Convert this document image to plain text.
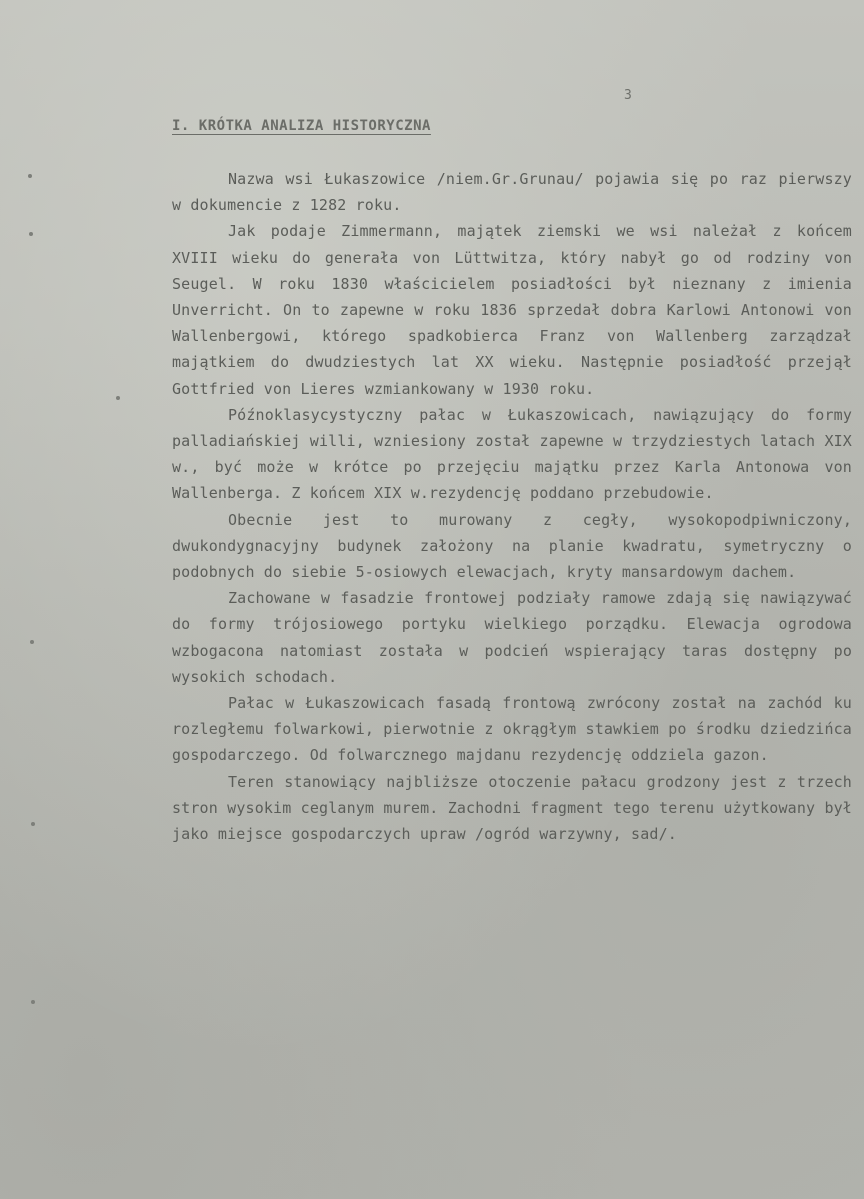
3
I. KRÓTKA ANALIZA HISTORYCZNA

Nazwa wsi Łukaszowice /niem.Gr.Grunau/ pojawia się po raz pierwszy w dokumencie z 1282 roku.

Jak podaje Zimmermann, majątek ziemski we wsi należał z końcem XVIII wieku do generała von Lüttwitza, który nabył go od rodziny von Seugel. W roku 1830 właścicielem posiadłości był nieznany z imienia Unverricht. On to zapewne w roku 1836 sprzedał dobra Karlowi Antonowi von Wallenbergowi, którego spadkobierca Franz von Wallenberg zarządzał majątkiem do dwudziestych lat XX wieku. Następnie posiadłość przejął Gottfried von Lieres wzmiankowany w 1930 roku.

Późnoklasycystyczny pałac w Łukaszowicach, nawiązujący do formy palladiańskiej willi, wzniesiony został zapewne w trzydziestych latach XIX w., być może w krótce po przejęciu majątku przez Karla Antonowa von Wallenberga. Z końcem XIX w.rezydencję poddano przebudowie.

Obecnie jest to murowany z cegły, wysokopodpiwniczony, dwukondygnacyjny budynek założony na planie kwadratu, symetryczny o podobnych do siebie 5-osiowych elewacjach, kryty mansardowym dachem.

Zachowane w fasadzie frontowej podziały ramowe zdają się nawiązywać do formy trójosiowego portyku wielkiego porządku. Elewacja ogrodowa wzbogacona natomiast została w podcień wspierający taras dostępny po wysokich schodach.

Pałac w Łukaszowicach fasadą frontową zwrócony został na zachód ku rozległemu folwarkowi, pierwotnie z okrągłym stawkiem po środku dziedzińca gospodarczego. Od folwarcznego majdanu rezydencję oddziela gazon.

Teren stanowiący najbliższe otoczenie pałacu grodzony jest z trzech stron wysokim ceglanym murem. Zachodni fragment tego terenu użytkowany był jako miejsce gospodarczych upraw /ogród warzywny, sad/.
